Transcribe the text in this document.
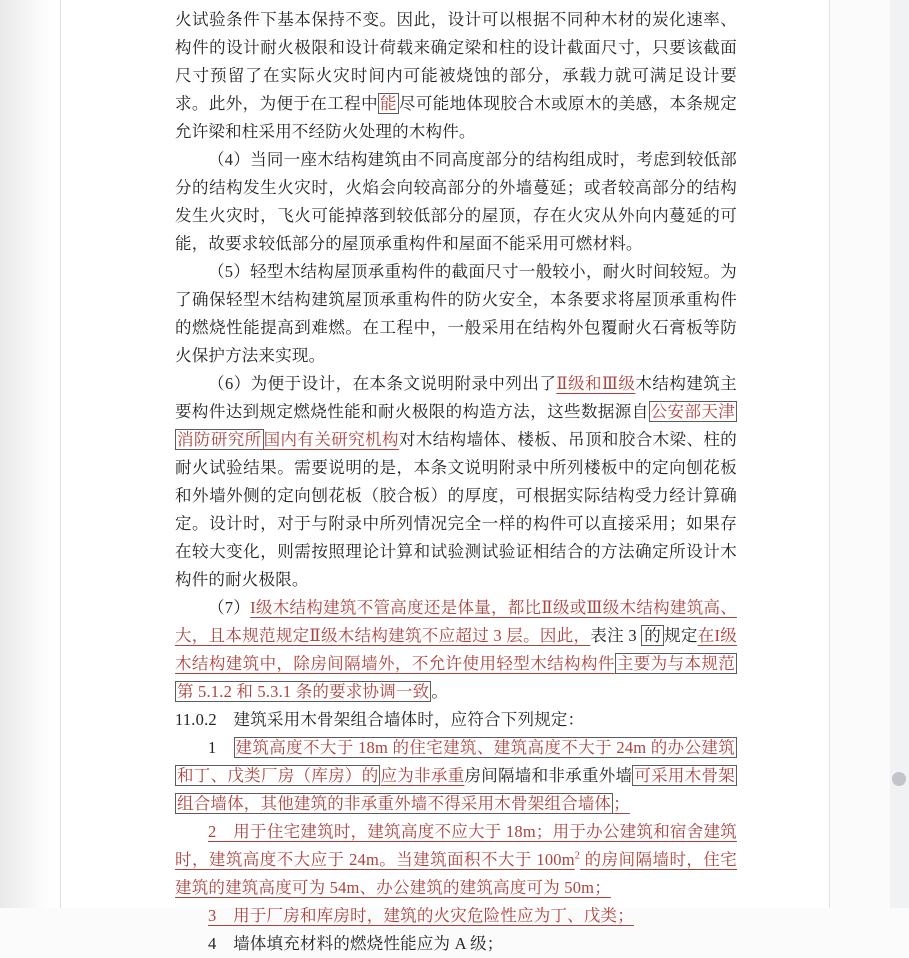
火试验条件下基本保持不变。因此，设计可以根据不同种木材的炭化速率、构件的设计耐火极限和设计荷载来确定梁和柱的设计截面尺寸，只要该截面尺寸预留了在实际火灾时间内可能被烧蚀的部分，承载力就可满足设计要求。此外，为便于在工程中 能 尽可能地体现胶合木或原木的美感，本条规定允许梁和柱采用不经防火处理的木构件。

（4）当同一座木结构建筑由不同高度部分的结构组成时，考虑到较低部分的结构发生火灾时，火焰会向较高部分的外墙蔓延；或者较高部分的结构发生火灾时，飞火可能掉落到较低部分的屋顶，存在火灾从外向内蔓延的可能，故要求较低部分的屋顶承重构件和屋面不能采用可燃材料。

（5）轻型木结构屋顶承重构件的截面尺寸一般较小，耐火时间较短。为了确保轻型木结构建筑屋顶承重构件的防火安全，本条要求将屋顶承重构件的燃烧性能提高到难燃。在工程中，一般采用在结构外包覆耐火石膏板等防火保护方法来实现。

（6）为便于设计，在本条文说明附录中列出了Ⅱ级和Ⅲ级木结构建筑主要构件达到规定燃烧性能和耐火极限的构造方法，这些数据源自 公安部天津消防研究所 国内有关研究机构对木结构墙体、楼板、吊顶和胶合木梁、柱的耐火试验结果。需要说明的是，本条文说明附录中所列楼板中的定向刨花板和外墙外侧的定向刨花板（胶合板）的厚度，可根据实际结构受力经计算确定。设计时，对于与附录中所列情况完全一样的构件可以直接采用；如果存在较大变化，则需按照理论计算和试验测试验证相结合的方法确定所设计木构件的耐火极限。

（7）I级木结构建筑不管高度还是体量，都比Ⅱ级或Ⅲ级木结构建筑高、大，且本规范规定Ⅱ级木结构建筑不应超过 3 层。因此，表注 3 的 规定在I级木结构建筑中，除房间隔墙外，不允许使用轻型木结构构件 主要为与本规范第 5.1.2 和 5.3.1 条的要求协调一致 。

11.0.2　建筑采用木骨架组合墙体时，应符合下列规定：

1　建筑高度不大于 18m 的住宅建筑、建筑高度不大于 24m 的办公建筑和丁、戊类厂房（库房）的 应为非承重房间隔墙和非承重外墙 可采用木骨架组合墙体，其他建筑的非承重外墙不得采用木骨架组合墙体 ；

2　用于住宅建筑时，建筑高度不应大于 18m；用于办公建筑和宿舍建筑时，建筑高度不大应于 24m。当建筑面积不大于 $100m^2$ 的房间隔墙时，住宅建筑的建筑高度可为 54m、办公建筑的建筑高度可为 50m；

3　用于厂房和库房时，建筑的火灾危险性应为丁、戊类；

4　墙体填充材料的燃烧性能应为 A 级；
